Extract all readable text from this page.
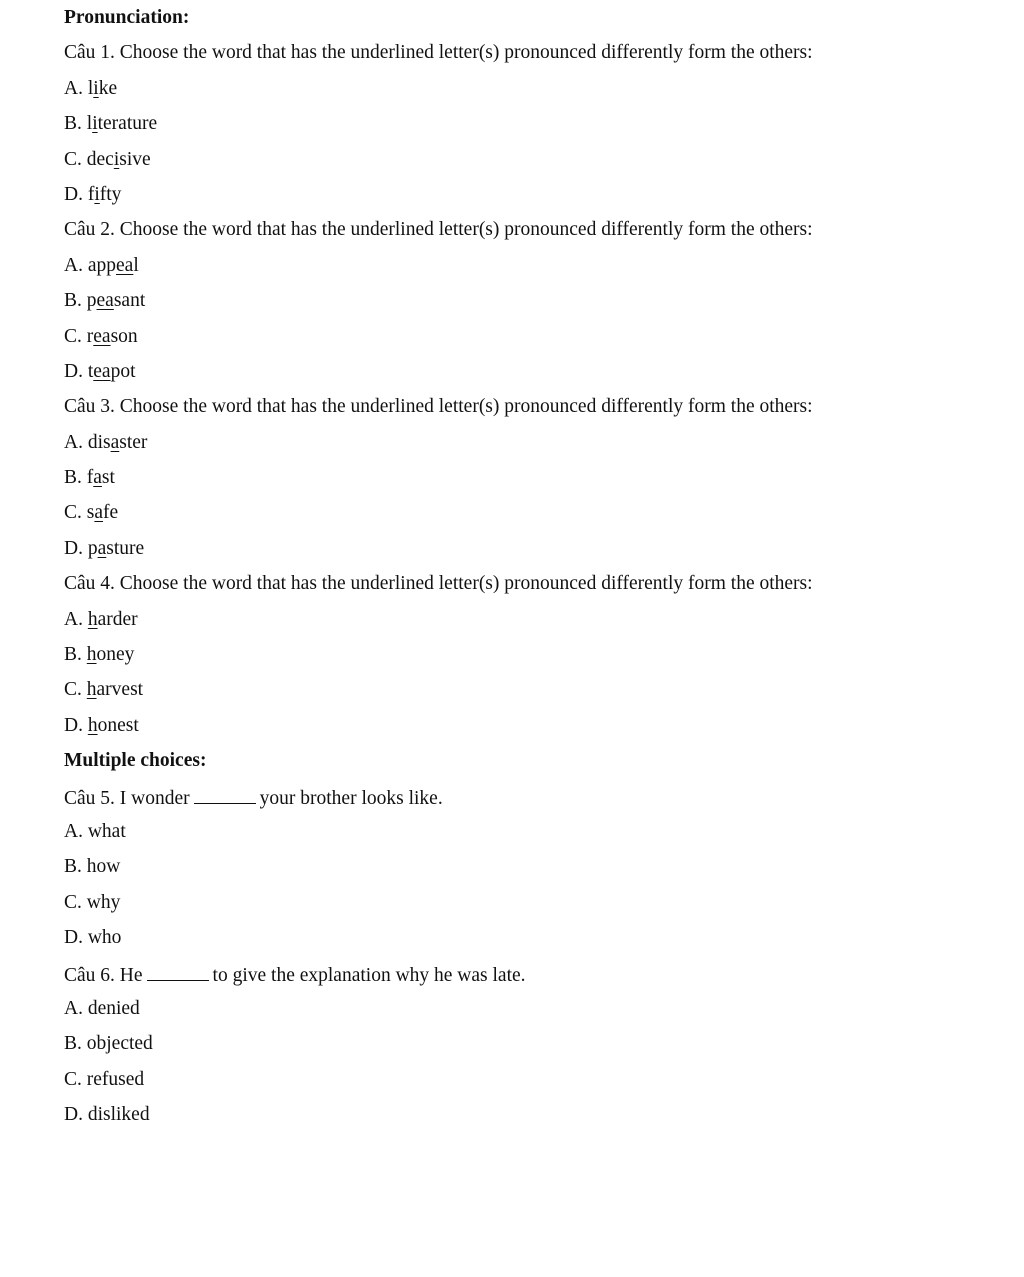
Pronunciation:
Câu 1. Choose the word that has the underlined letter(s) pronounced differently form the others:
A. like
B. literature
C. decisive
D. fifty
Câu 2. Choose the word that has the underlined letter(s) pronounced differently form the others:
A. appeal
B. peasant
C. reason
D. teapot
Câu 3. Choose the word that has the underlined letter(s) pronounced differently form the others:
A. disaster
B. fast
C. safe
D. pasture
Câu 4. Choose the word that has the underlined letter(s) pronounced differently form the others:
A. harder
B. honey
C. harvest
D. honest
Multiple choices:
Câu 5. I wonder	your brother looks like.
A. what
B. how
C. why
D. who
Câu 6. He	to give the explanation why he was late.
A. denied
B. objected
C. refused
D. disliked
